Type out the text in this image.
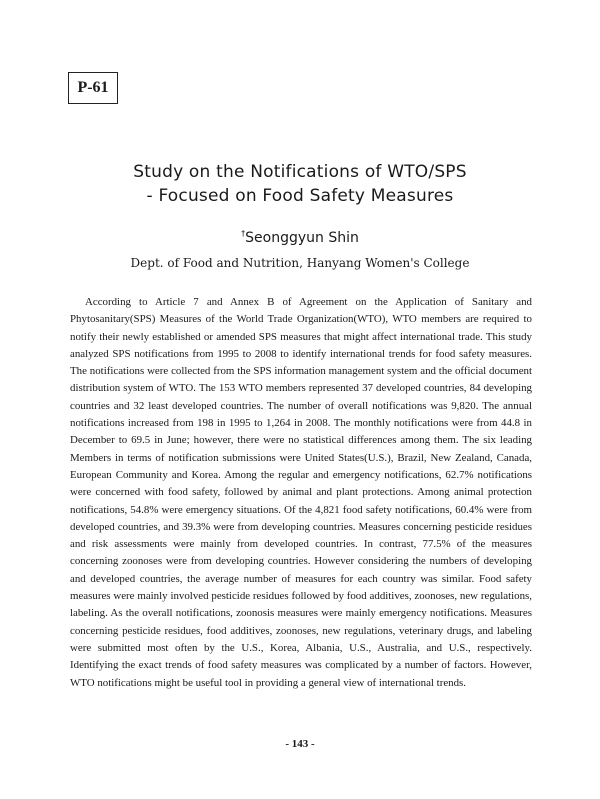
P-61
Study on the Notifications of WTO/SPS
- Focused on Food Safety Measures
†Seonggyun Shin
Dept. of Food and Nutrition, Hanyang Women's College

According to Article 7 and Annex B of Agreement on the Application of Sanitary and Phytosanitary(SPS) Measures of the World Trade Organization(WTO), WTO members are required to notify their newly established or amended SPS measures that might affect international trade. This study analyzed SPS notifications from 1995 to 2008 to identify international trends for food safety measures. The notifications were collected from the SPS information management system and the official document distribution system of WTO. The 153 WTO members represented 37 developed countries, 84 developing countries and 32 least developed countries. The number of overall notifications was 9,820. The annual notifications increased from 198 in 1995 to 1,264 in 2008. The monthly notifications were from 44.8 in December to 69.5 in June; however, there were no statistical differences among them. The six leading Members in terms of notification submissions were United States(U.S.), Brazil, New Zealand, Canada, European Community and Korea. Among the regular and emergency notifications, 62.7% notifications were concerned with food safety, followed by animal and plant protections. Among animal protection notifications, 54.8% were emergency situations. Of the 4,821 food safety notifications, 60.4% were from developed countries, and 39.3% were from developing countries. Measures concerning pesticide residues and risk assessments were mainly from developed countries. In contrast, 77.5% of the measures concerning zoonoses were from developing countries. However considering the numbers of developing and developed countries, the average number of measures for each country was similar. Food safety measures were mainly involved pesticide residues followed by food additives, zoonoses, new regulations, labeling. As the overall notifications, zoonosis measures were mainly emergency notifications. Measures concerning pesticide residues, food additives, zoonoses, new regulations, veterinary drugs, and labeling were submitted most often by the U.S., Korea, Albania, U.S., Australia, and U.S., respectively. Identifying the exact trends of food safety measures was complicated by a number of factors. However, WTO notifications might be useful tool in providing a general view of international trends.

- 143 -
